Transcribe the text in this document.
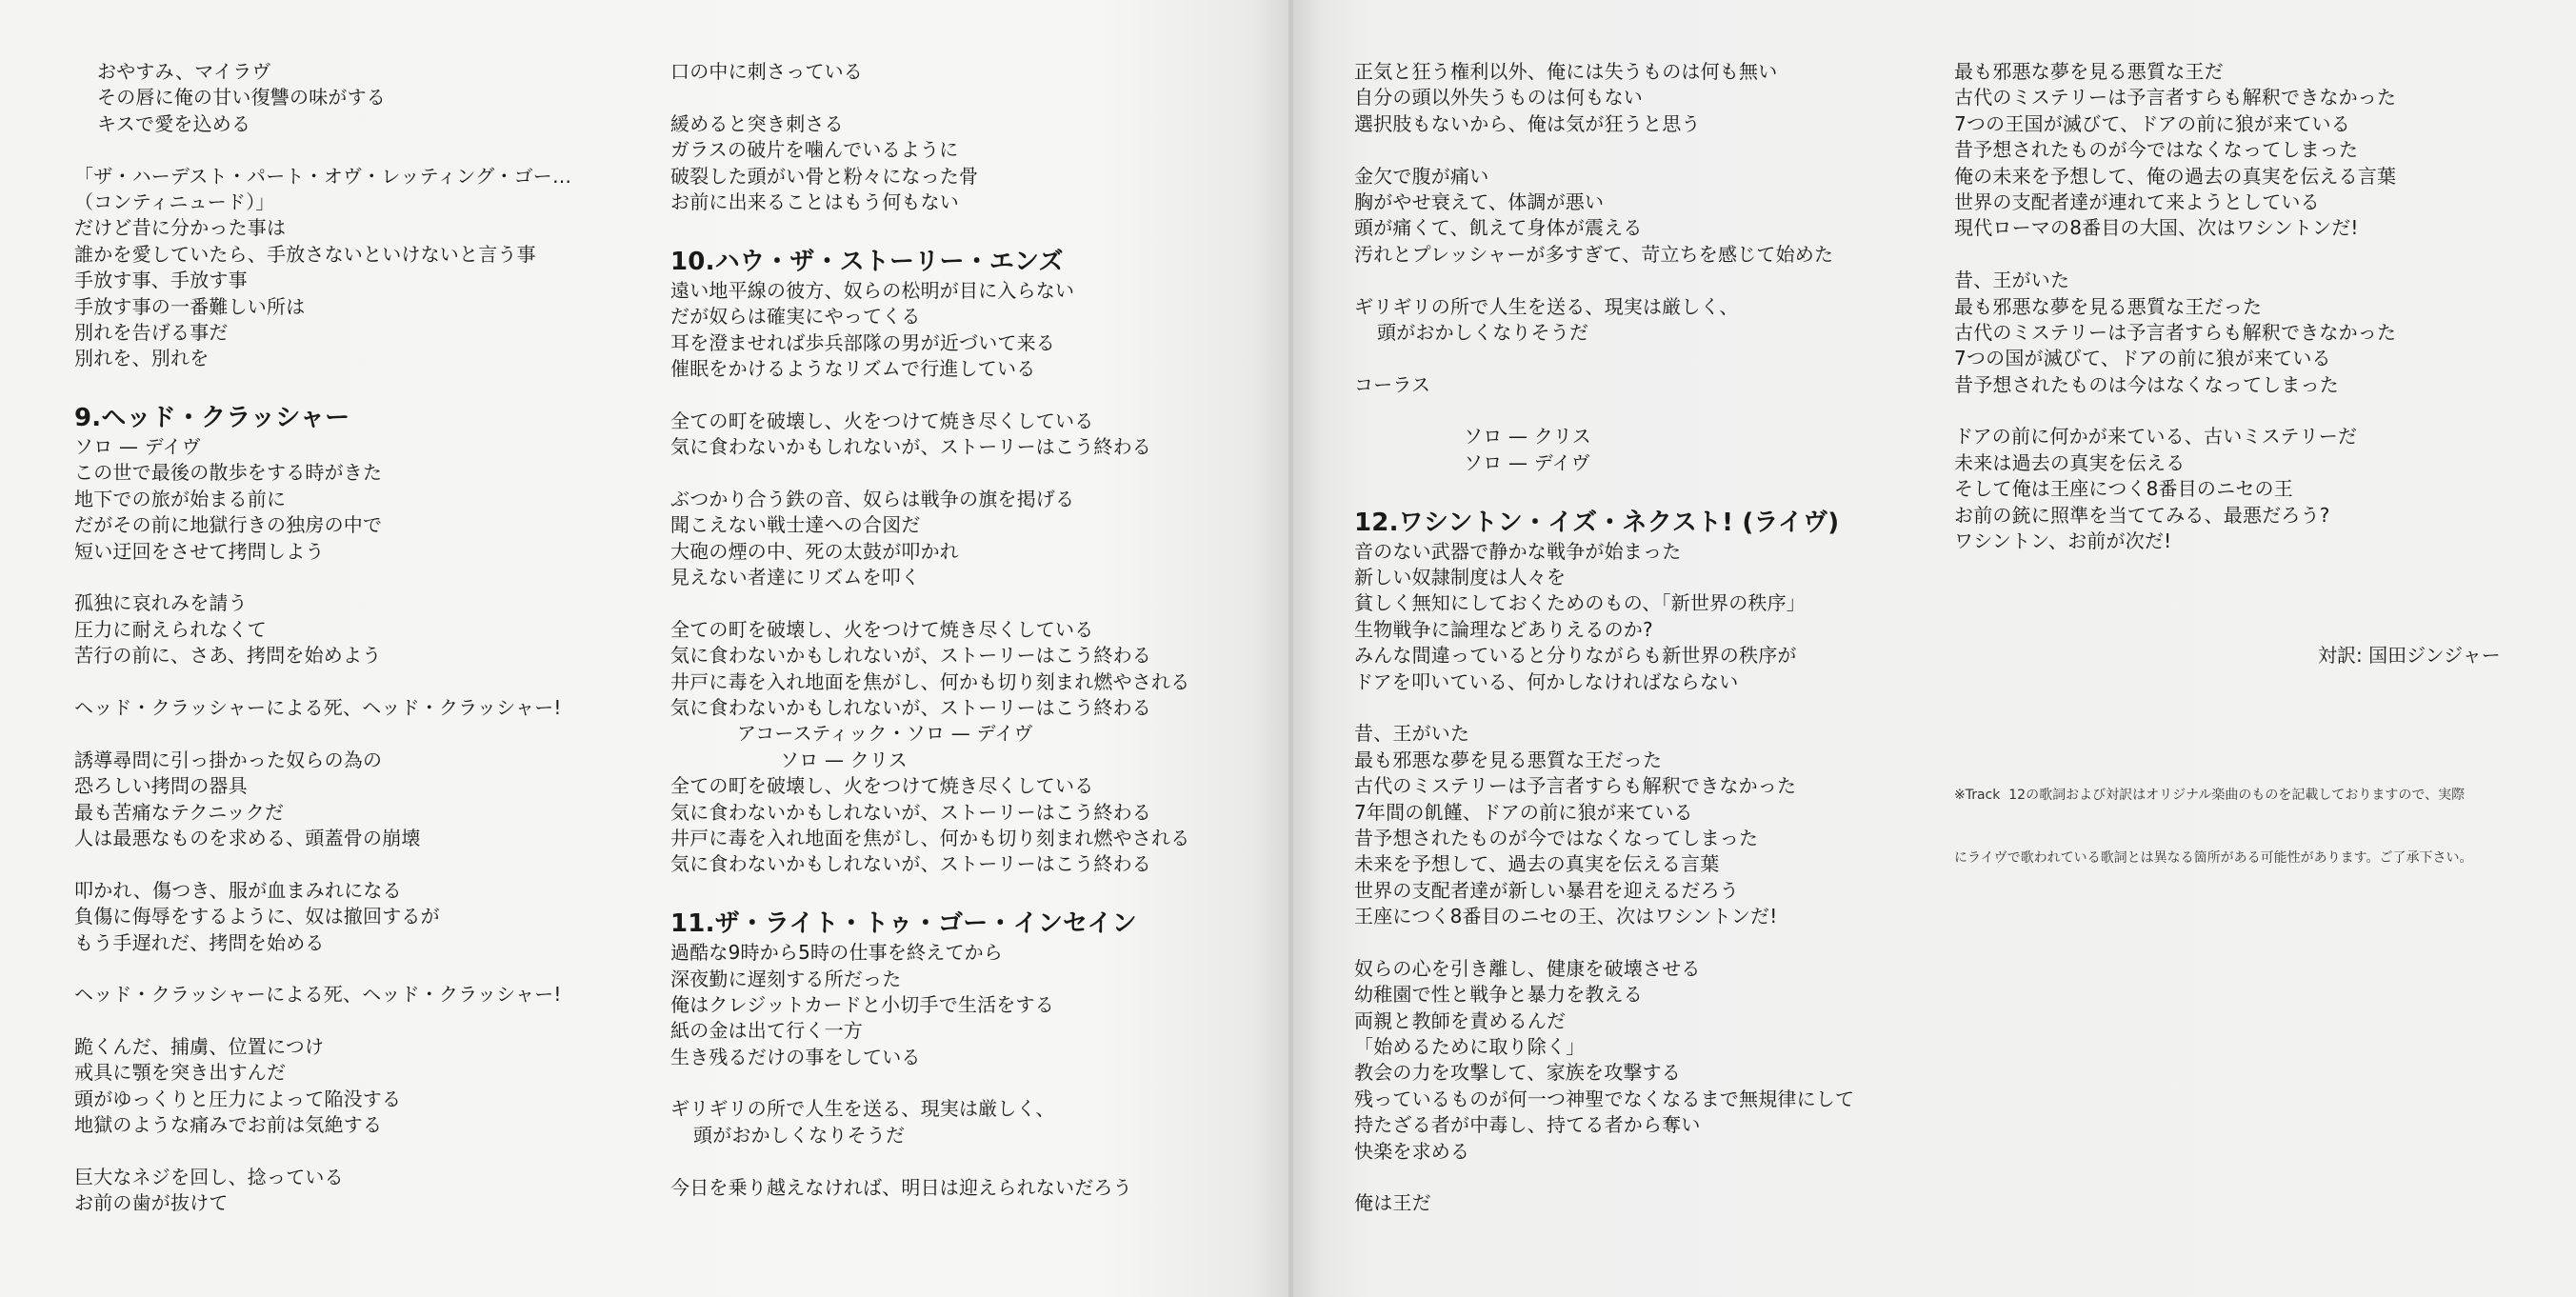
おやすみ、マイラヴ
その唇に俺の甘い復讐の味がする
キスで愛を込める
「ザ・ハーデスト・パート・オヴ・レッティング・ゴー…
（コンティニュード）」
だけど昔に分かった事は
誰かを愛していたら、手放さないといけないと言う事
手放す事、手放す事
手放す事の一番難しい所は
別れを告げる事だ
別れを、別れを
9.ヘッド・クラッシャー
ソロ — デイヴ
この世で最後の散歩をする時がきた
地下での旅が始まる前に
だがその前に地獄行きの独房の中で
短い迂回をさせて拷問しよう
孤独に哀れみを請う
圧力に耐えられなくて
苦行の前に、さあ、拷問を始めよう
ヘッド・クラッシャーによる死、ヘッド・クラッシャー!
誘導尋問に引っ掛かった奴らの為の
恐ろしい拷問の器具
最も苦痛なテクニックだ
人は最悪なものを求める、頭蓋骨の崩壊
叩かれ、傷つき、服が血まみれになる
負傷に侮辱をするように、奴は撤回するが
もう手遅れだ、拷問を始める
ヘッド・クラッシャーによる死、ヘッド・クラッシャー!
跪くんだ、捕虜、位置につけ
戒具に顎を突き出すんだ
頭がゆっくりと圧力によって陥没する
地獄のような痛みでお前は気絶する
巨大なネジを回し、捻っている
お前の歯が抜けて
口の中に刺さっている
緩めると突き刺さる
ガラスの破片を噛んでいるように
破裂した頭がい骨と粉々になった骨
お前に出来ることはもう何もない
10.ハウ・ザ・ストーリー・エンズ
遠い地平線の彼方、奴らの松明が目に入らない
だが奴らは確実にやってくる
耳を澄ませれば歩兵部隊の男が近づいて来る
催眠をかけるようなリズムで行進している
全ての町を破壊し、火をつけて焼き尽くしている
気に食わないかもしれないが、ストーリーはこう終わる
ぶつかり合う鉄の音、奴らは戦争の旗を掲げる
聞こえない戦士達への合図だ
大砲の煙の中、死の太鼓が叩かれ
見えない者達にリズムを叩く
全ての町を破壊し、火をつけて焼き尽くしている
気に食わないかもしれないが、ストーリーはこう終わる
井戸に毒を入れ地面を焦がし、何かも切り刻まれ燃やされる
気に食わないかもしれないが、ストーリーはこう終わる
アコースティック・ソロ — デイヴ
ソロ — クリス
全ての町を破壊し、火をつけて焼き尽くしている
気に食わないかもしれないが、ストーリーはこう終わる
井戸に毒を入れ地面を焦がし、何かも切り刻まれ燃やされる
気に食わないかもしれないが、ストーリーはこう終わる
11.ザ・ライト・トゥ・ゴー・インセイン
過酷な9時から5時の仕事を終えてから
深夜勤に遅刻する所だった
俺はクレジットカードと小切手で生活をする
紙の金は出て行く一方
生き残るだけの事をしている
ギリギリの所で人生を送る、現実は厳しく、
頭がおかしくなりそうだ
今日を乗り越えなければ、明日は迎えられないだろう
正気と狂う権利以外、俺には失うものは何も無い
自分の頭以外失うものは何もない
選択肢もないから、俺は気が狂うと思う
金欠で腹が痛い
胸がやせ衰えて、体調が悪い
頭が痛くて、飢えて身体が震える
汚れとプレッシャーが多すぎて、苛立ちを感じて始めた
ギリギリの所で人生を送る、現実は厳しく、
頭がおかしくなりそうだ
コーラス
ソロ — クリス
ソロ — デイヴ
12.ワシントン・イズ・ネクスト! (ライヴ)
音のない武器で静かな戦争が始まった
新しい奴隷制度は人々を
貧しく無知にしておくためのもの、「新世界の秩序」
生物戦争に論理などありえるのか?
みんな間違っていると分りながらも新世界の秩序が
ドアを叩いている、何かしなければならない
昔、王がいた
最も邪悪な夢を見る悪質な王だった
古代のミステリーは予言者すらも解釈できなかった
7年間の飢饉、ドアの前に狼が来ている
昔予想されたものが今ではなくなってしまった
未来を予想して、過去の真実を伝える言葉
世界の支配者達が新しい暴君を迎えるだろう
王座につく8番目のニセの王、次はワシントンだ!
奴らの心を引き離し、健康を破壊させる
幼稚園で性と戦争と暴力を教える
両親と教師を責めるんだ
「始めるために取り除く」
教会の力を攻撃して、家族を攻撃する
残っているものが何一つ神聖でなくなるまで無規律にして
持たざる者が中毒し、持てる者から奪い
快楽を求める
俺は王だ
最も邪悪な夢を見る悪質な王だ
古代のミステリーは予言者すらも解釈できなかった
7つの王国が滅びて、ドアの前に狼が来ている
昔予想されたものが今ではなくなってしまった
俺の未来を予想して、俺の過去の真実を伝える言葉
世界の支配者達が連れて来ようとしている
現代ローマの8番目の大国、次はワシントンだ!
昔、王がいた
最も邪悪な夢を見る悪質な王だった
古代のミステリーは予言者すらも解釈できなかった
7つの国が滅びて、ドアの前に狼が来ている
昔予想されたものは今はなくなってしまった
ドアの前に何かが来ている、古いミステリーだ
未来は過去の真実を伝える
そして俺は王座につく8番目のニセの王
お前の銃に照準を当ててみる、最悪だろう?
ワシントン、お前が次だ!
対訳: 国田ジンジャー

※Track  12の歌詞および対訳はオリジナル楽曲のものを記載しておりますので、実際

にライヴで歌われている歌詞とは異なる箇所がある可能性があります。ご了承下さい。
